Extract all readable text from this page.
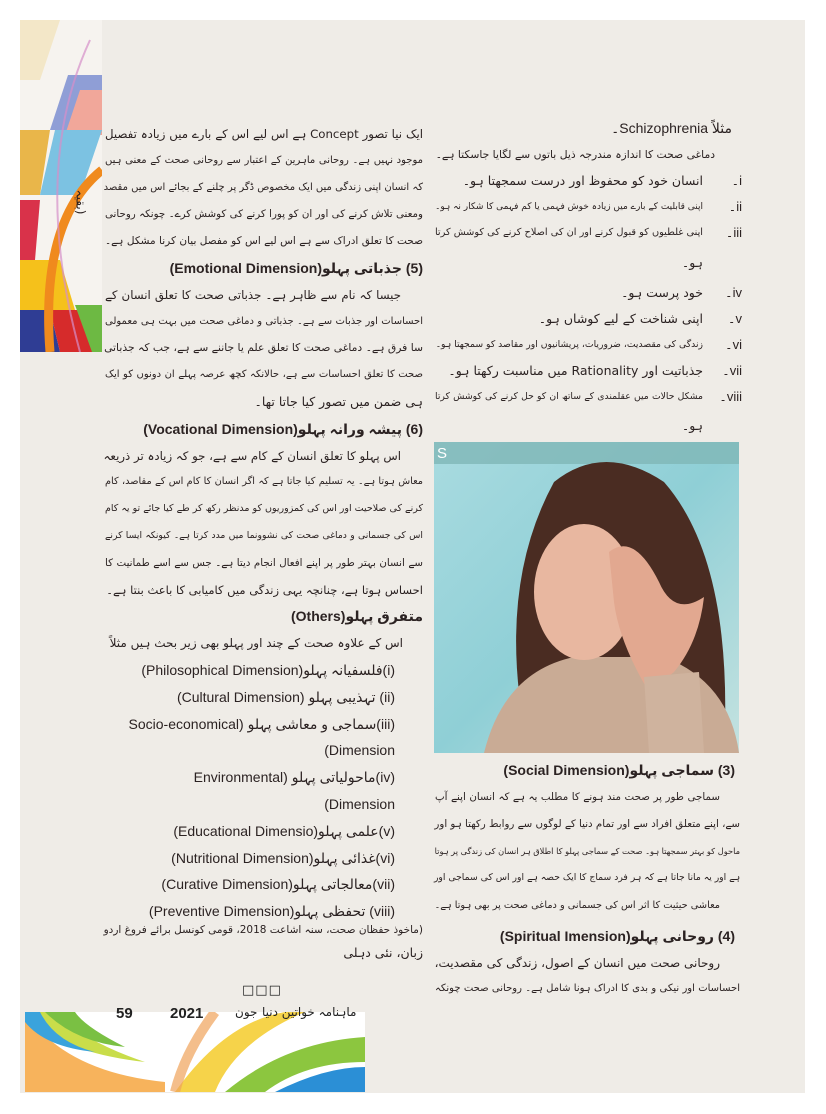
(بقیہ
ایک نیا تصور Concept ہے اس لیے اس کے بارے میں زیادہ تفصیل
موجود نہیں ہے۔ روحانی ماہرین کے اعتبار سے روحانی صحت کے معنی ہیں
کہ انسان اپنی زندگی میں ایک مخصوص ڈگر پر چلنے کے بجائے اس میں مقصد
ومعنی تلاش کرنے کی اور ان کو پورا کرنے کی کوشش کرے۔ چونکہ روحانی
صحت کا تعلق ادراک سے ہے اس لیے اس کو مفصل بیان کرنا مشکل ہے۔
(5) جذباتی پہلو(Emotional Dimension)
جیسا کہ نام سے ظاہر ہے۔ جذباتی صحت کا تعلق انسان کے
احساسات اور جذبات سے ہے۔ جذباتی و دماغی صحت میں بہت ہی معمولی
سا فرق ہے۔ دماغی صحت کا تعلق علم یا جاننے سے ہے، جب کہ جذباتی
صحت کا تعلق احساسات سے ہے، حالانکہ کچھ عرصہ پہلے ان دونوں کو ایک
ہی ضمن میں تصور کیا جاتا تھا۔
(6) پیشہ ورانہ پہلو(Vocational Dimension)
اس پہلو کا تعلق انسان کے کام سے ہے، جو کہ زیادہ تر ذریعہ
معاش ہوتا ہے۔ یہ تسلیم کیا جاتا ہے کہ اگر انسان کا کام اس کے مقاصد، کام
کرنے کی صلاحیت اور اس کی کمزوریوں کو مدنظر رکھ کر طے کیا جائے تو یہ کام
اس کی جسمانی و دماغی صحت کی نشوونما میں مدد کرتا ہے۔ کیونکہ ایسا کرنے
سے انسان بہتر طور پر اپنے افعال انجام دیتا ہے۔ جس سے اسے طمانیت کا
احساس ہوتا ہے، چنانچہ یہی زندگی میں کامیابی کا باعث بنتا ہے۔
متفرق پہلو(Others)
اس کے علاوہ صحت کے چند اور پہلو بھی زیر بحث ہیں مثلاً
(i)فلسفیانہ پہلو(Philosophical Dimension)
(ii) تہذیبی پہلو (Cultural Dimension)
(iii)سماجی و معاشی پہلو (Socio-economical
Dimension)
(iv)ماحولیاتی پہلو (Environmental
Dimension)
(v)علمی پہلو(Educational Dimensio)
(vi)غذائی پہلو(Nutritional Dimension)
(vii)معالجاتی پہلو(Curative Dimension)
(viii) تحفظی پہلو(Preventive Dimension)
(ماخوذ حفظان صحت، سنہ اشاعت 2018، قومی کونسل برائے فروغ اردو
زبان، نئی دہلی
□□□
مثلاً Schizophrenia۔
دماغی صحت کا اندازہ مندرجہ ذیل باتوں سے لگایا جاسکتا ہے۔
i۔
انسان خود کو محفوظ اور درست سمجھتا ہو۔
ii۔
اپنی قابلیت کے بارے میں زیادہ خوش فہمی یا کم فہمی کا شکار نہ ہو۔
iii۔
اپنی غلطیوں کو قبول کرنے اور ان کی اصلاح کرنے کی کوشش کرتا
ہو۔
iv۔
خود پرست ہو۔
v۔
اپنی شناخت کے لیے کوشاں ہو۔
vi۔
زندگی کی مقصدیت، ضروریات، پریشانیوں اور مقاصد کو سمجھتا ہو۔
vii۔
جذباتیت اور Rationality میں مناسبت رکھتا ہو۔
viii۔
مشکل حالات میں عقلمندی کے ساتھ ان کو حل کرنے کی کوشش کرتا
ہو۔
(3) سماجی پہلو(Social Dimension)
سماجی طور پر صحت مند ہونے کا مطلب یہ ہے کہ انسان اپنے آپ
سے، اپنے متعلق افراد سے اور تمام دنیا کے لوگوں سے روابط رکھتا ہو اور
ماحول کو بہتر سمجھتا ہو۔ صحت کے سماجی پہلو کا اطلاق ہر انسان کی زندگی پر ہوتا
ہے اور یہ مانا جاتا ہے کہ ہر فرد سماج کا ایک حصہ ہے اور اس کی سماجی اور
معاشی حیثیت کا اثر اس کی جسمانی و دماغی صحت پر بھی ہوتا ہے۔
(4) روحانی پہلو(Spiritual Imension)
روحانی صحت میں انسان کے اصول، زندگی کی مقصدیت،
احساسات اور نیکی و بدی کا ادراک ہونا شامل ہے۔ روحانی صحت چونکہ
S
59 2021	جون ماہنامہ خواتین دنیا
